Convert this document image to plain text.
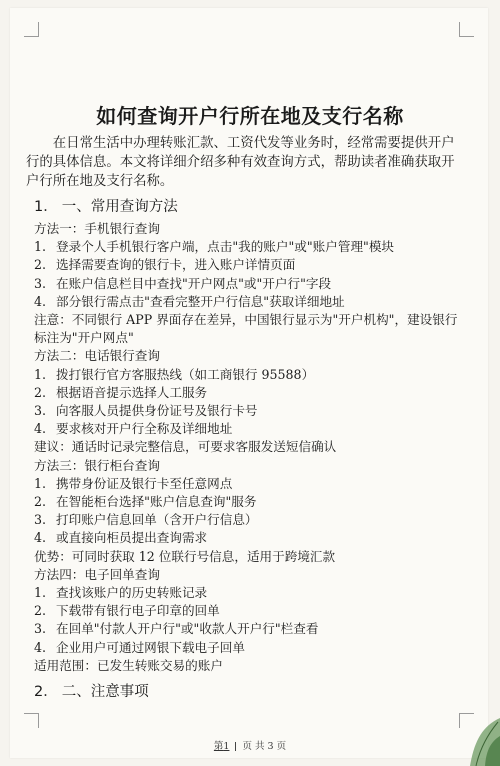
如何查询开户行所在地及支行名称
在日常生活中办理转账汇款、工资代发等业务时，经常需要提供开户行的具体信息。本文将详细介绍多种有效查询方式，帮助读者准确获取开户行所在地及支行名称。
1． 一、常用查询方法
方法一：手机银行查询
1. 登录个人手机银行客户端，点击"我的账户"或"账户管理"模块
2. 选择需要查询的银行卡，进入账户详情页面
3. 在账户信息栏目中查找"开户网点"或"开户行"字段
4. 部分银行需点击"查看完整开户行信息"获取详细地址
注意：不同银行 APP 界面存在差异，中国银行显示为"开户机构"，建设银行标注为"开户网点"
方法二：电话银行查询
1. 拨打银行官方客服热线（如工商银行 95588）
2. 根据语音提示选择人工服务
3. 向客服人员提供身份证号及银行卡号
4. 要求核对开户行全称及详细地址
建议：通话时记录完整信息，可要求客服发送短信确认
方法三：银行柜台查询
1. 携带身份证及银行卡至任意网点
2. 在智能柜台选择"账户信息查询"服务
3. 打印账户信息回单（含开户行信息）
4. 或直接向柜员提出查询需求
优势：可同时获取 12 位联行号信息，适用于跨境汇款
方法四：电子回单查询
1. 查找该账户的历史转账记录
2. 下载带有银行电子印章的回单
3. 在回单"付款人开户行"或"收款人开户行"栏查看
4. 企业用户可通过网银下载电子回单
适用范围：已发生转账交易的账户
2． 二、注意事项
第1 页 共 3 页
